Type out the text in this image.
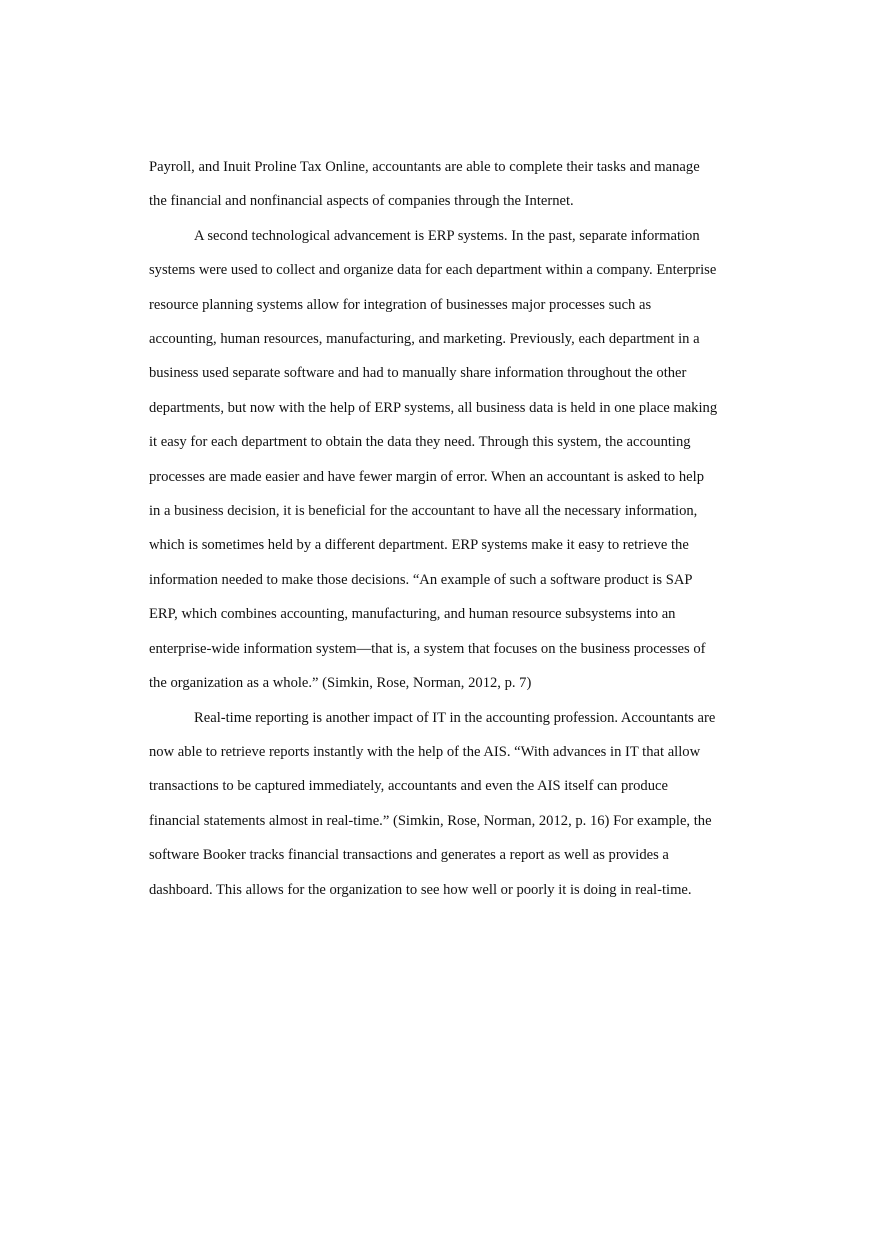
Payroll, and Inuit Proline Tax Online, accountants are able to complete their tasks and manage
the financial and nonfinancial aspects of companies through the Internet.
A second technological advancement is ERP systems. In the past, separate information
systems were used to collect and organize data for each department within a company. Enterprise
resource planning systems allow for integration of businesses major processes such as
accounting, human resources, manufacturing, and marketing. Previously, each department in a
business used separate software and had to manually share information throughout the other
departments, but now with the help of ERP systems, all business data is held in one place making
it easy for each department to obtain the data they need. Through this system, the accounting
processes are made easier and have fewer margin of error. When an accountant is asked to help
in a business decision, it is beneficial for the accountant to have all the necessary information,
which is sometimes held by a different department. ERP systems make it easy to retrieve the
information needed to make those decisions. “An example of such a software product is SAP
ERP, which combines accounting, manufacturing, and human resource subsystems into an
enterprise-wide information system—that is, a system that focuses on the business processes of
the organization as a whole.” (Simkin, Rose, Norman, 2012, p. 7)
Real-time reporting is another impact of IT in the accounting profession. Accountants are
now able to retrieve reports instantly with the help of the AIS. “With advances in IT that allow
transactions to be captured immediately, accountants and even the AIS itself can produce
financial statements almost in real-time.” (Simkin, Rose, Norman, 2012, p. 16) For example, the
software Booker tracks financial transactions and generates a report as well as provides a
dashboard. This allows for the organization to see how well or poorly it is doing in real-time.
